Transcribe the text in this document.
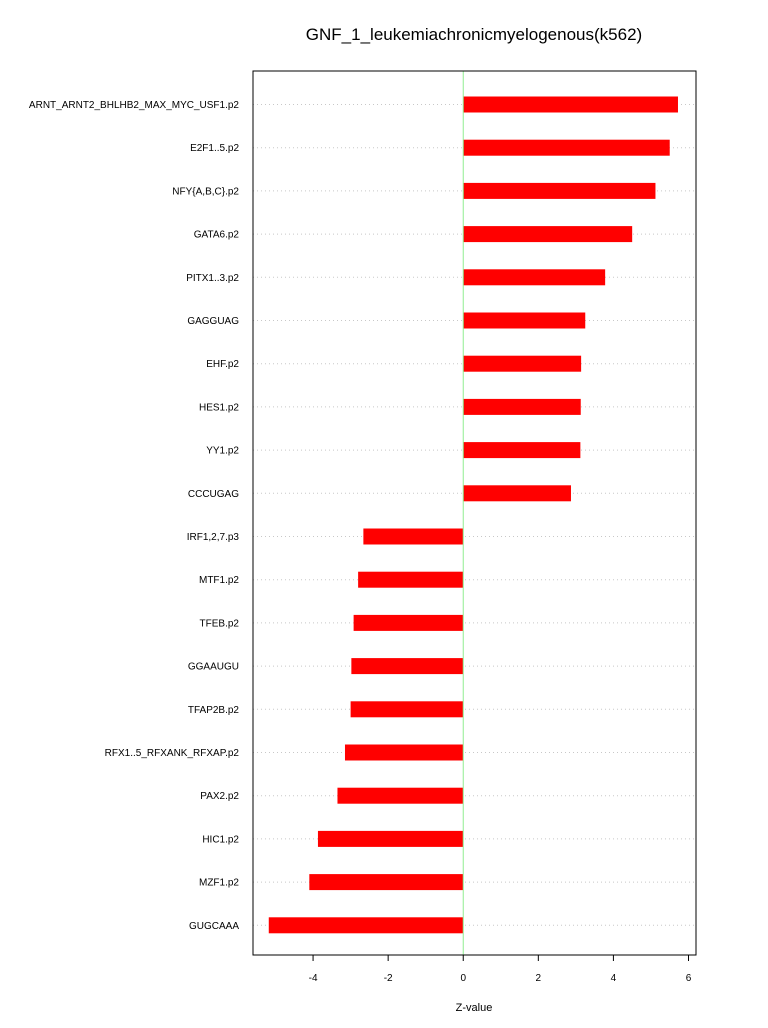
GNF_1_leukemiachronicmyelogenous(k562)
ARNT_ARNT2_BHLHB2_MAX_MYC_USF1.p2
E2F1..5.p2
NFY{A,B,C}.p2
GATA6.p2
PITX1..3.p2
GAGGUAG
EHF.p2
HES1.p2
YY1.p2
CCCUGAG
IRF1,2,7.p3
MTF1.p2
TFEB.p2
GGAAUGU
TFAP2B.p2
RFX1..5_RFXANK_RFXAP.p2
PAX2.p2
HIC1.p2
MZF1.p2
GUGCAAA
-4	-2	0	2	4	6
Z-value
